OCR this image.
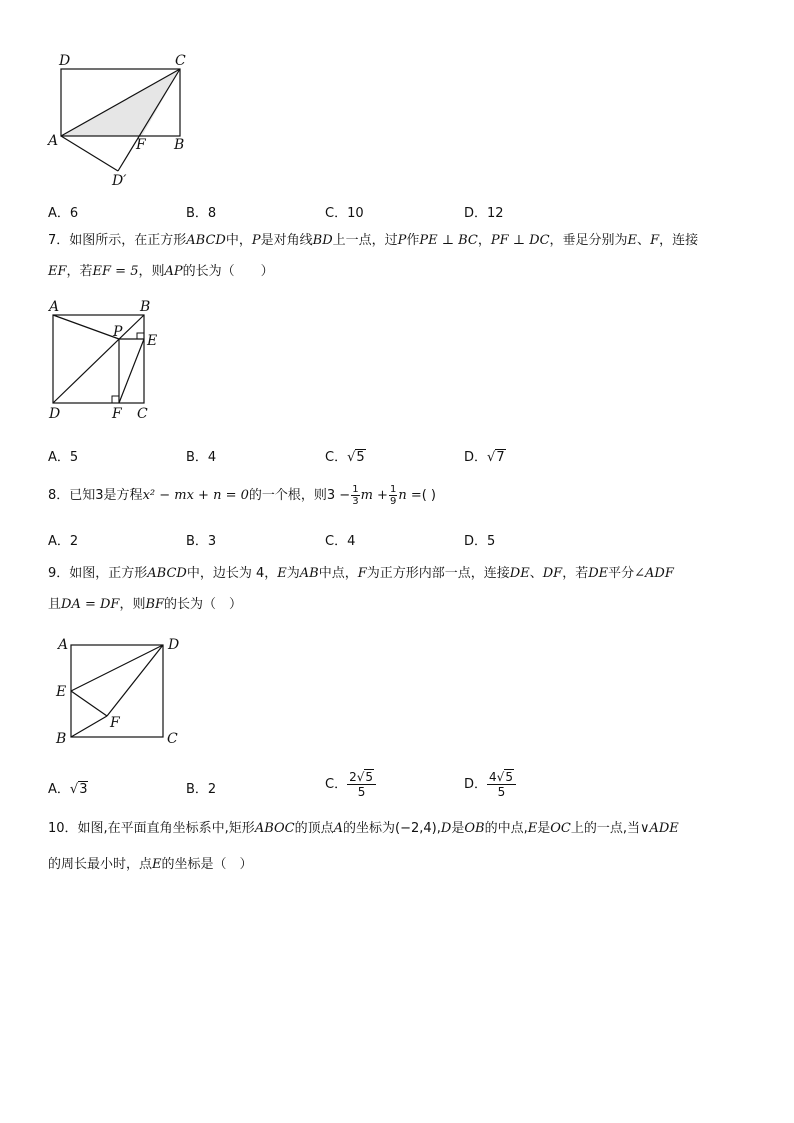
D	C
A	F B
D′
A．6	B．8	C．10	D．12
7．如图所示，在正方形ABCD中，P是对角线BD上一点，过P作PE ⊥ BC，PF ⊥ DC，垂足分别为E、F，连接
EF，若EF = 5，则AP的长为（　　）
A	B
P
E
D	F C
A．5	B．4	C．√5	D．√7
8．已知3是方程x² − mx + n = 0的一个根，则$3 - \frac{1}{3}$ $m + \frac{1}{9}$ n =( )
A．2	B．3	C．4	D．5
9．如图，正方形ABCD中，边长为 4，E为AB中点，F为正方形内部一点，连接DE、DF，若DE平分∠ADF
且DA = DF，则BF的长为（　）
A	D
E
F
B	C
A．√3	B．2	C． $\frac{2√5}{5}$	D． $\frac{4√5}{5}$
10．如图,在平面直角坐标系中,矩形ABOC的顶点A的坐标为(−2,4),D是OB的中点,E是OC上的一点,当∨ADE
的周长最小时，点E的坐标是（　）
